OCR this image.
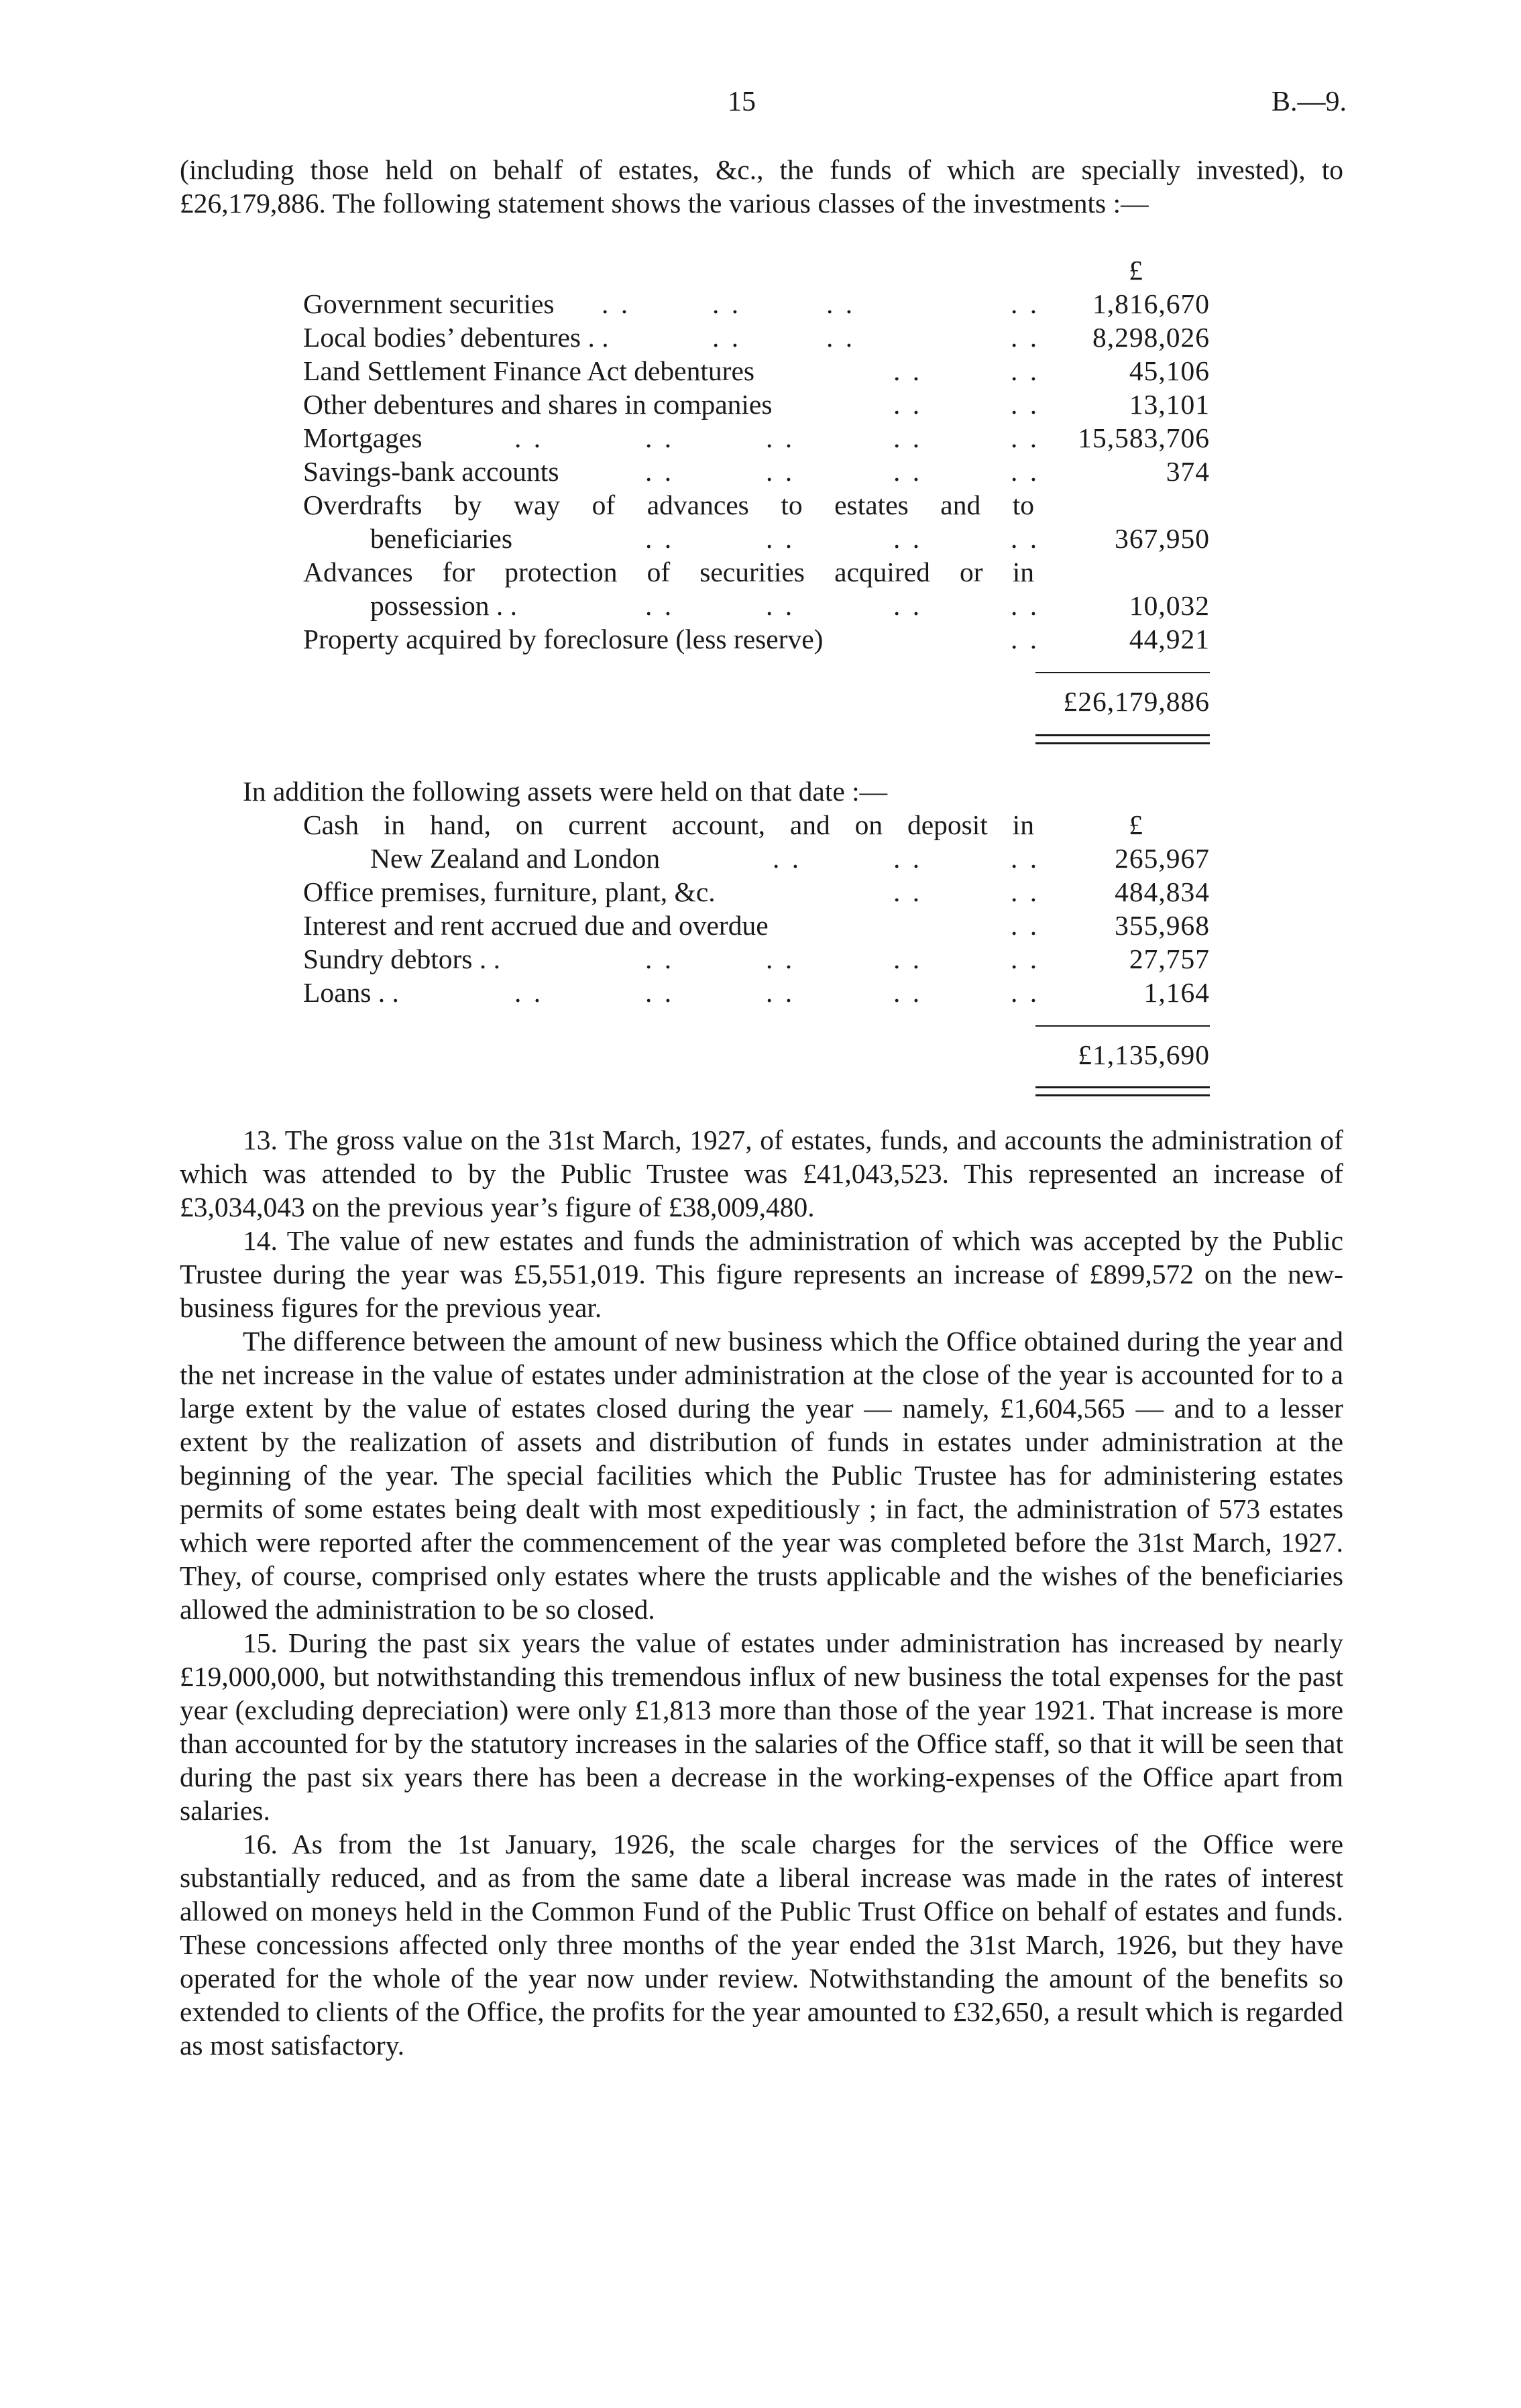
15	B.—9.

(including those held on behalf of estates, &c., the funds of which are specially invested), to £26,179,886. The following statement shows the various classes of the investments :—

£
Government securities . .	. .	. .	. . 1,816,670
Local bodies’ debentures . .	. .	. .	. . 8,298,026
Land Settlement Finance Act debentures	. .	. .	45,106
Other debentures and shares in companies	. .	. .	13,101
Mortgages	. .	. .	. .	. .	. . 15,583,706
Savings-bank accounts	. .	. .	. .	. .	374
Overdrafts by way of advances to estates and to
beneficiaries	. .	. .	. .	. .	367,950
Advances for protection of securities acquired or in
possession . .	. .	. .	. .	. .	10,032
Property acquired by foreclosure (less reserve)	. .	44,921
£26,179,886

In addition the following assets were held on that date :—

£
Cash in hand, on current account, and on deposit in
New Zealand and London	. .	. .	. .	265,967
Office premises, furniture, plant, &c.	. .	. .	484,834
Interest and rent accrued due and overdue	. .	355,968
Sundry debtors . .	. .	. .	. .	. .	27,757
Loans . .	. .	. .	. .	. .	. .	1,164
£1,135,690

13. The gross value on the 31st March, 1927, of estates, funds, and accounts the administration of which was attended to by the Public Trustee was £41,043,523. This represented an increase of £3,034,043 on the previous year’s figure of £38,009,480.

14. The value of new estates and funds the administration of which was accepted by the Public Trustee during the year was £5,551,019. This figure represents an increase of £899,572 on the new-business figures for the previous year.

The difference between the amount of new business which the Office obtained during the year and the net increase in the value of estates under administration at the close of the year is accounted for to a large extent by the value of estates closed during the year — namely, £1,604,565 — and to a lesser extent by the realization of assets and distribution of funds in estates under administration at the beginning of the year. The special facilities which the Public Trustee has for administering estates permits of some estates being dealt with most expeditiously ; in fact, the administration of 573 estates which were reported after the commencement of the year was completed before the 31st March, 1927. They, of course, comprised only estates where the trusts applicable and the wishes of the beneficiaries allowed the administration to be so closed.

15. During the past six years the value of estates under administration has increased by nearly £19,000,000, but notwithstanding this tremendous influx of new business the total expenses for the past year (excluding depreciation) were only £1,813 more than those of the year 1921. That increase is more than accounted for by the statutory increases in the salaries of the Office staff, so that it will be seen that during the past six years there has been a decrease in the working-expenses of the Office apart from salaries.

16. As from the 1st January, 1926, the scale charges for the services of the Office were substantially reduced, and as from the same date a liberal increase was made in the rates of interest allowed on moneys held in the Common Fund of the Public Trust Office on behalf of estates and funds. These concessions affected only three months of the year ended the 31st March, 1926, but they have operated for the whole of the year now under review. Notwithstanding the amount of the benefits so extended to clients of the Office, the profits for the year amounted to £32,650, a result which is regarded as most satisfactory.
